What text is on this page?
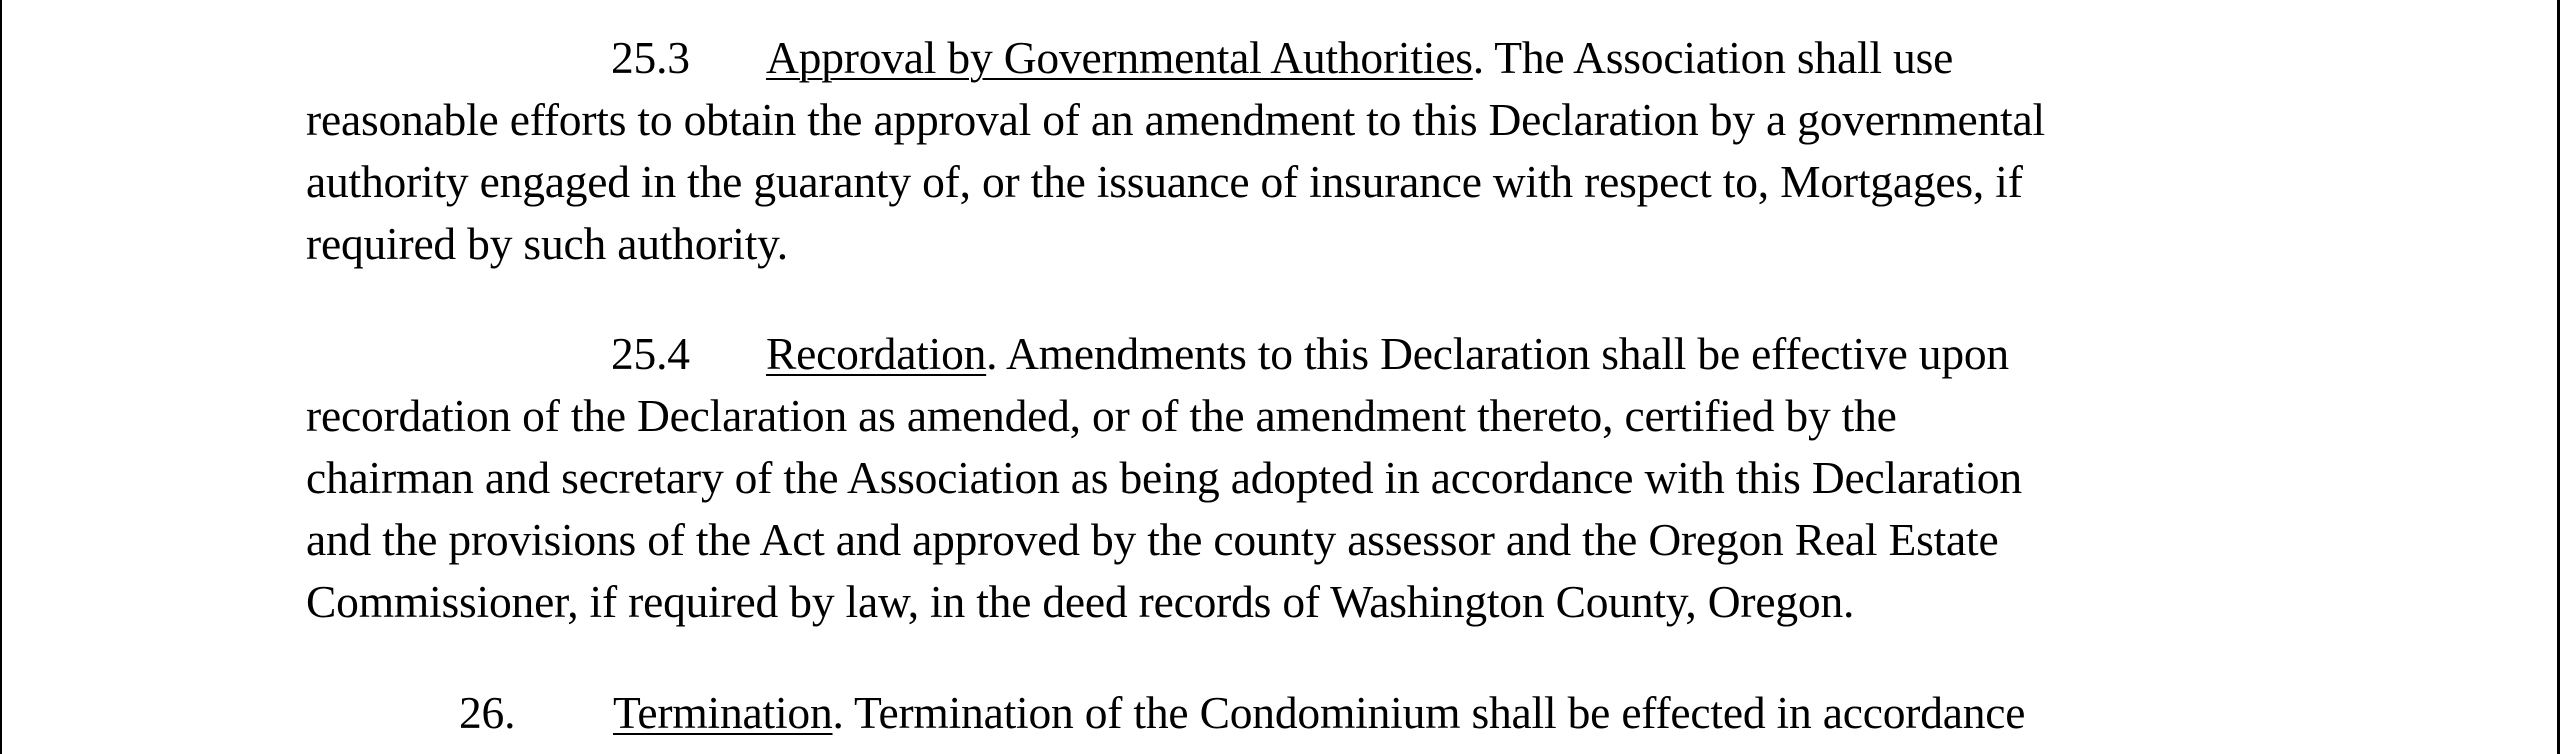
25.3 Approval by Governmental Authorities. The Association shall use
reasonable efforts to obtain the approval of an amendment to this Declaration by a governmental
authority engaged in the guaranty of, or the issuance of insurance with respect to, Mortgages, if
required by such authority.
25.4 Recordation. Amendments to this Declaration shall be effective upon
recordation of the Declaration as amended, or of the amendment thereto, certified by the
chairman and secretary of the Association as being adopted in accordance with this Declaration
and the provisions of the Act and approved by the county assessor and the Oregon Real Estate
Commissioner, if required by law, in the deed records of Washington County, Oregon.
26. Termination. Termination of the Condominium shall be effected in accordance
